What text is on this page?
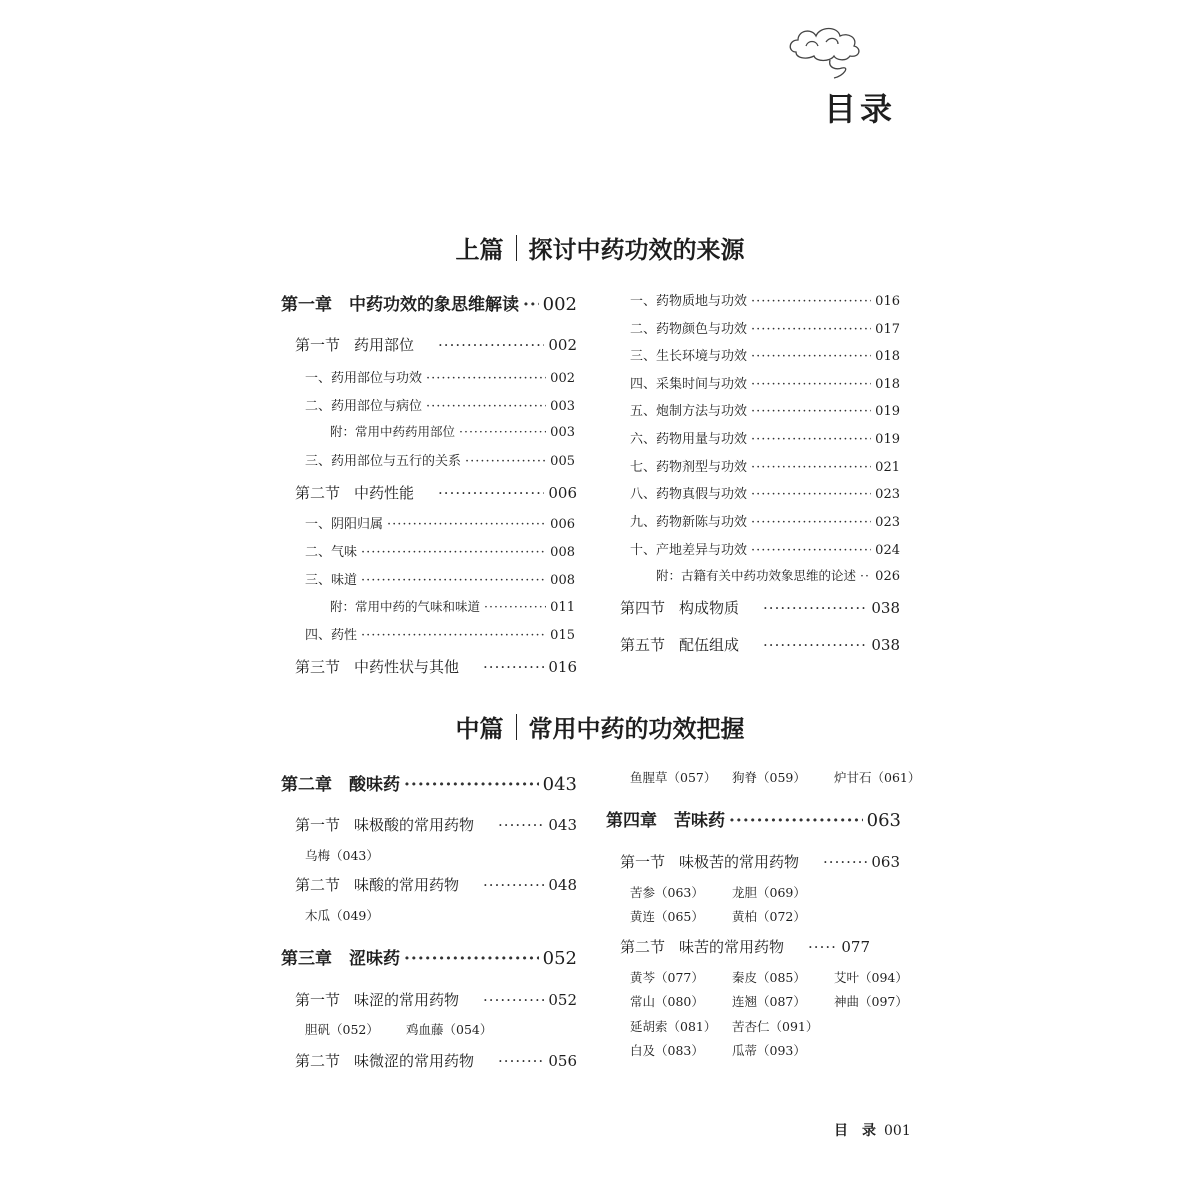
目录
上篇 探讨中药功效的来源
第一章　中药功效的象思维解读 ····· 002
第一节 药用部位 ·····	002
一、药用部位与功效 ·····	002
二、药用部位与病位 ·····	003
附：常用中药药用部位 ·····	003
三、药用部位与五行的关系 ·····	005
第二节 中药性能 ·····	006
一、阴阳归属 ·····	006
二、气味 ·····	008
三、味道 ·····	008
附：常用中药的气味和味道 ·····	011
四、药性 ·····	015
第三节 中药性状与其他 ·····	016
一、药物质地与功效 ·····	016
二、药物颜色与功效 ·····	017
三、生长环境与功效 ·····	018
四、采集时间与功效 ·····	018
五、炮制方法与功效 ·····	019
六、药物用量与功效 ·····	019
七、药物剂型与功效 ·····	021
八、药物真假与功效 ·····	023
九、药物新陈与功效 ·····	023
十、产地差异与功效 ·····	024
附：古籍有关中药功效象思维的论述 ····· 026
第四节 构成物质 ·····	038
第五节 配伍组成 ·····	038
中篇 常用中药的功效把握
第二章　酸味药 ·····	043
第一节 味极酸的常用药物 ·····	043
乌梅（043）
第二节 味酸的常用药物 ·····	048
木瓜（049）
第三章　涩味药 ·····	052
第一节 味涩的常用药物 ·····	052
胆矾（052） 鸡血藤（054）
第二节 味微涩的常用药物 ·····	056
鱼腥草（057） 狗脊（059） 炉甘石（061）
第四章　苦味药 ·····	063
第一节 味极苦的常用药物 ·····	063
苦参（063） 龙胆（069）
黄连（065） 黄柏（072）
第二节 味苦的常用药物 ·····	077
黄芩（077） 秦皮（085） 艾叶（094）
常山（080） 连翘（087） 神曲（097）
延胡索（081） 苦杏仁（091）
白及（083） 瓜蒂（093）
目　录 001
